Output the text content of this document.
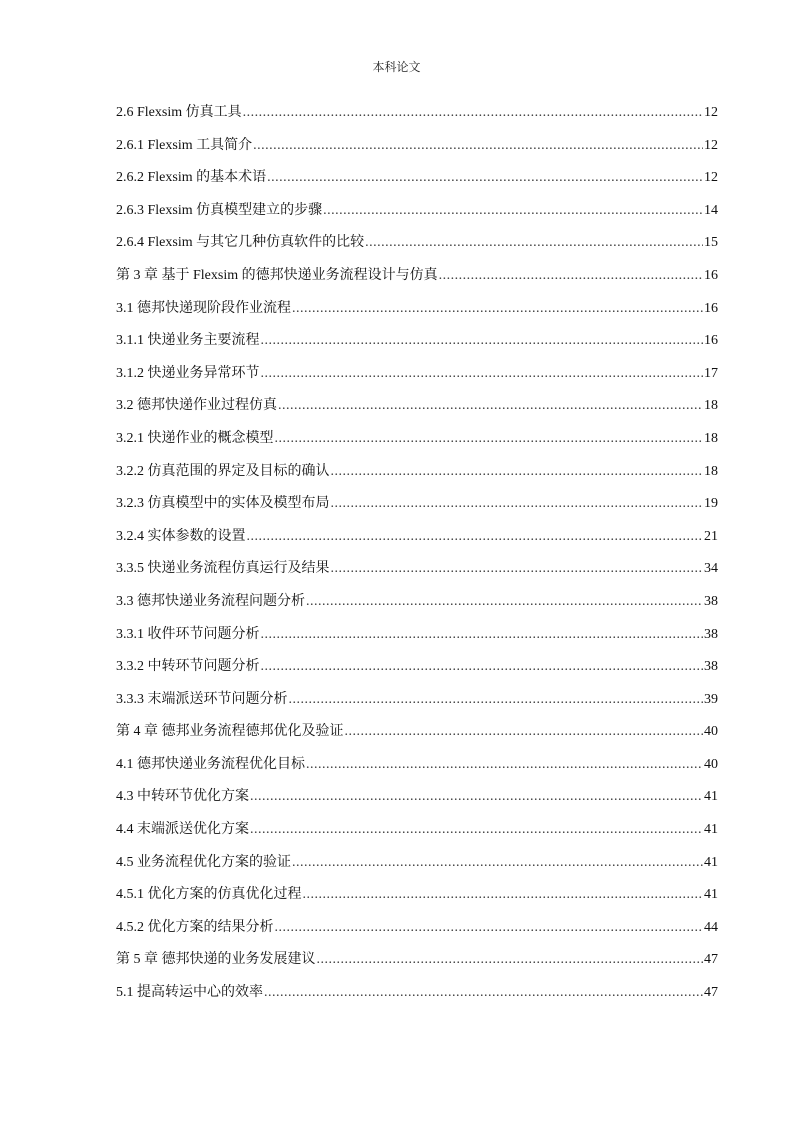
本科论文
2.6 Flexsim 仿真工具 .....	12
2.6.1 Flexsim 工具简介 .....	12
2.6.2 Flexsim 的基本术语 .....	12
2.6.3 Flexsim 仿真模型建立的步骤 .....	14
2.6.4 Flexsim 与其它几种仿真软件的比较 .....	15
第 3 章 基于 Flexsim 的德邦快递业务流程设计与仿真 .....	16
3.1 德邦快递现阶段作业流程 .....	16
3.1.1 快递业务主要流程 .....	16
3.1.2 快递业务异常环节 .....	17
3.2 德邦快递作业过程仿真 .....	18
3.2.1 快递作业的概念模型 .....	18
3.2.2 仿真范围的界定及目标的确认 .....	18
3.2.3 仿真模型中的实体及模型布局 .....	19
3.2.4 实体参数的设置 .....	21
3.3.5 快递业务流程仿真运行及结果 .....	34
3.3 德邦快递业务流程问题分析 .....	38
3.3.1 收件环节问题分析 .....	38
3.3.2 中转环节问题分析 .....	38
3.3.3 末端派送环节问题分析 .....	39
第 4 章 德邦业务流程德邦优化及验证 .....	40
4.1 德邦快递业务流程优化目标 .....	40
4.3 中转环节优化方案 .....	41
4.4 末端派送优化方案 .....	41
4.5 业务流程优化方案的验证 .....	41
4.5.1 优化方案的仿真优化过程 .....	41
4.5.2 优化方案的结果分析 .....	44
第 5 章 德邦快递的业务发展建议 .....	47
5.1 提高转运中心的效率 .....	47
